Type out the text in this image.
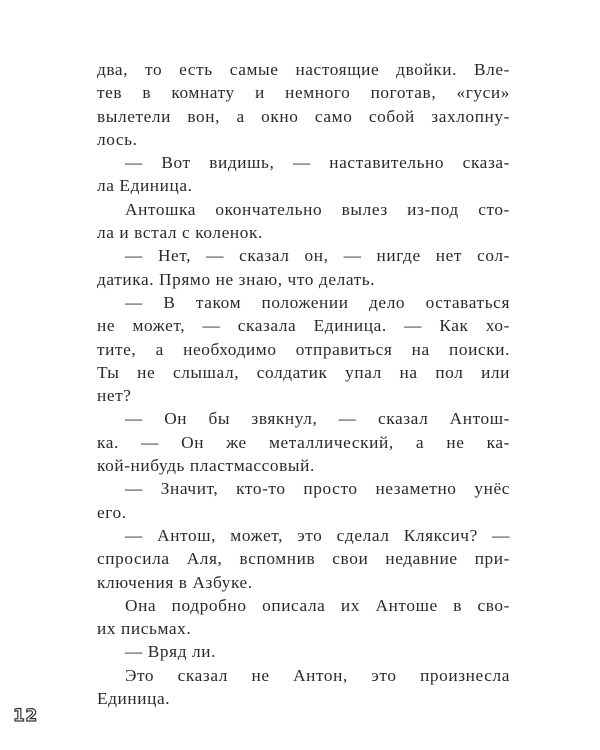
два, то есть самые настоящие двойки. Вле-
тев в комнату и немного поготав, «гуси»
вылетели вон, а окно само собой захлопну-
лось.
— Вот видишь, — наставительно сказа-
ла Единица.
Антошка окончательно вылез из-под сто-
ла и встал с коленок.
— Нет, — сказал он, — нигде нет сол-
датика. Прямо не знаю, что делать.
— В таком положении дело оставаться
не может, — сказала Единица. — Как хо-
тите, а необходимо отправиться на поиски.
Ты не слышал, солдатик упал на пол или
нет?
— Он бы звякнул, — сказал Антош-
ка. — Он же металлический, а не ка-
кой-нибудь пластмассовый.
— Значит, кто-то просто незаметно унёс
его.
— Антош, может, это сделал Кляксич? —
спросила Аля, вспомнив свои недавние при-
ключения в Азбуке.
Она подробно описала их Антоше в сво-
их письмах.
— Вряд ли.
Это сказал не Антон, это произнесла
Единица.
12
